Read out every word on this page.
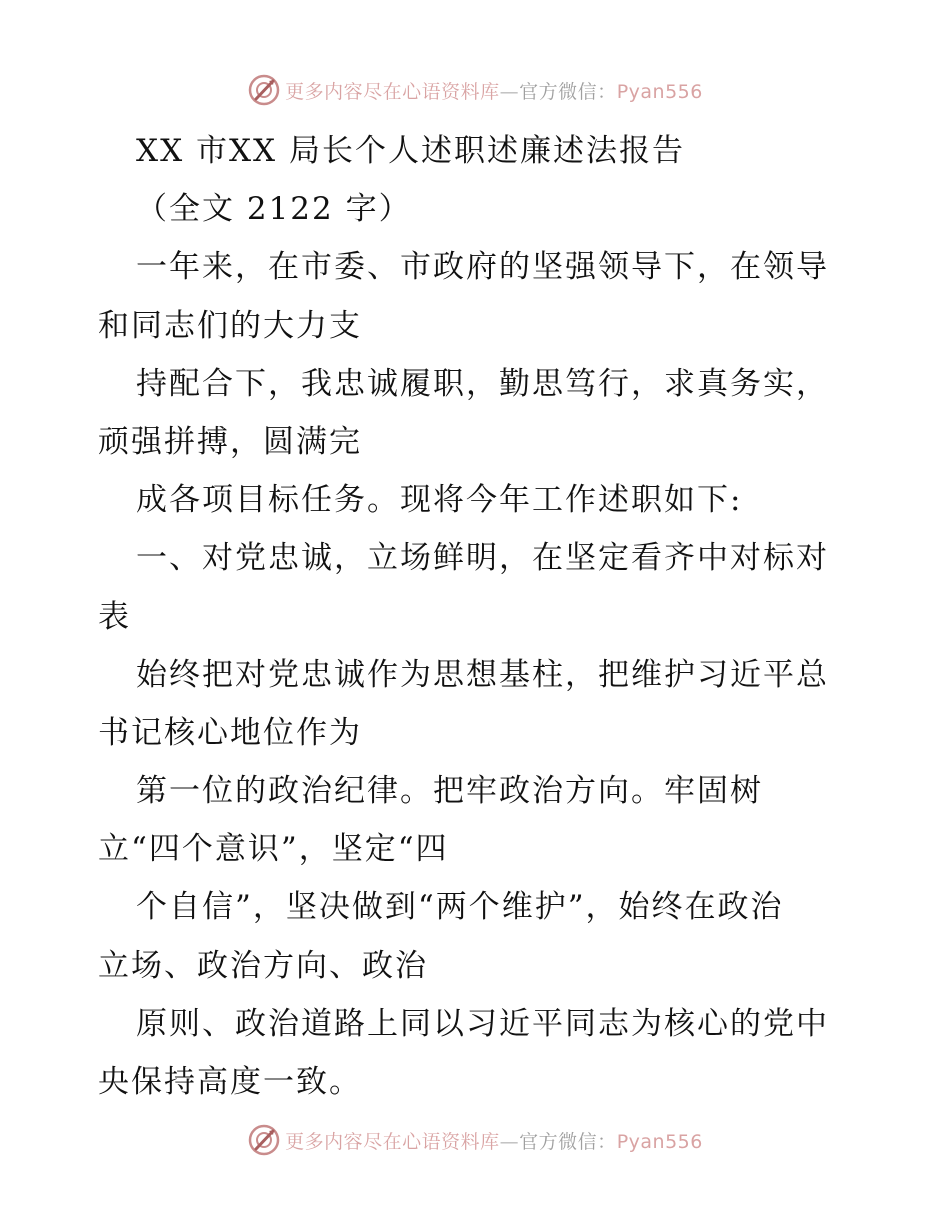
更多内容尽在心语资料库—官方微信：Pyan556
XX 市XX 局长个人述职述廉述法报告
（全文 2122 字）
一年来，在市委、市政府的坚强领导下，在领导
和同志们的大力支
持配合下，我忠诚履职，勤思笃行，求真务实，
顽强拼搏，圆满完
成各项目标任务。现将今年工作述职如下:
一、对党忠诚，立场鲜明，在坚定看齐中对标对
表
始终把对党忠诚作为思想基柱，把维护习近平总
书记核心地位作为
第一位的政治纪律。把牢政治方向。牢固树
立“四个意识”，坚定“四
个自信”，坚决做到“两个维护”，始终在政治
立场、政治方向、政治
原则、政治道路上同以习近平同志为核心的党中
央保持高度一致。
更多内容尽在心语资料库—官方微信：Pyan556
